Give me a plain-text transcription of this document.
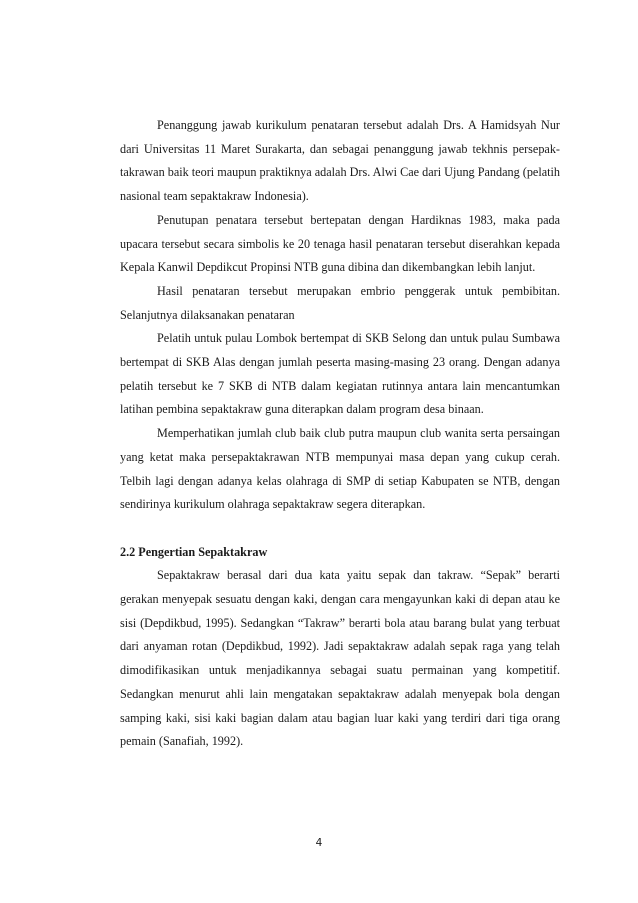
Penanggung jawab kurikulum penataran tersebut adalah Drs. A Hamidsyah Nur dari Universitas 11 Maret Surakarta, dan sebagai penanggung jawab tekhnis persepak-takrawan baik teori maupun praktiknya adalah Drs. Alwi Cae dari Ujung Pandang (pelatih nasional team sepaktakraw Indonesia).

Penutupan penatara tersebut bertepatan dengan Hardiknas 1983, maka pada upacara tersebut secara simbolis ke 20 tenaga hasil penataran tersebut diserahkan kepada Kepala Kanwil Depdikcut Propinsi NTB guna dibina dan dikembangkan lebih lanjut.

Hasil penataran tersebut merupakan embrio penggerak untuk pembibitan. Selanjutnya dilaksanakan penataran

Pelatih untuk pulau Lombok bertempat di SKB Selong dan untuk pulau Sumbawa bertempat di SKB Alas dengan jumlah peserta masing-masing 23 orang. Dengan adanya pelatih tersebut ke 7 SKB di NTB dalam kegiatan rutinnya antara lain mencantumkan latihan pembina sepaktakraw guna diterapkan dalam program desa binaan.

Memperhatikan jumlah club baik club putra maupun club wanita serta persaingan yang ketat maka persepaktakrawan NTB mempunyai masa depan yang cukup cerah. Telbih lagi dengan adanya kelas olahraga di SMP di setiap Kabupaten se NTB, dengan sendirinya kurikulum olahraga sepaktakraw segera diterapkan.

2.2 Pengertian Sepaktakraw

Sepaktakraw berasal dari dua kata yaitu sepak dan takraw. “Sepak” berarti gerakan menyepak sesuatu dengan kaki, dengan cara mengayunkan kaki di depan atau ke sisi (Depdikbud, 1995). Sedangkan “Takraw” berarti bola atau barang bulat yang terbuat dari anyaman rotan (Depdikbud, 1992). Jadi sepaktakraw adalah sepak raga yang telah dimodifikasikan untuk menjadikannya sebagai suatu permainan yang kompetitif. Sedangkan menurut ahli lain mengatakan sepaktakraw adalah menyepak bola dengan samping kaki, sisi kaki bagian dalam atau bagian luar kaki yang terdiri dari tiga orang pemain (Sanafiah, 1992).

4
